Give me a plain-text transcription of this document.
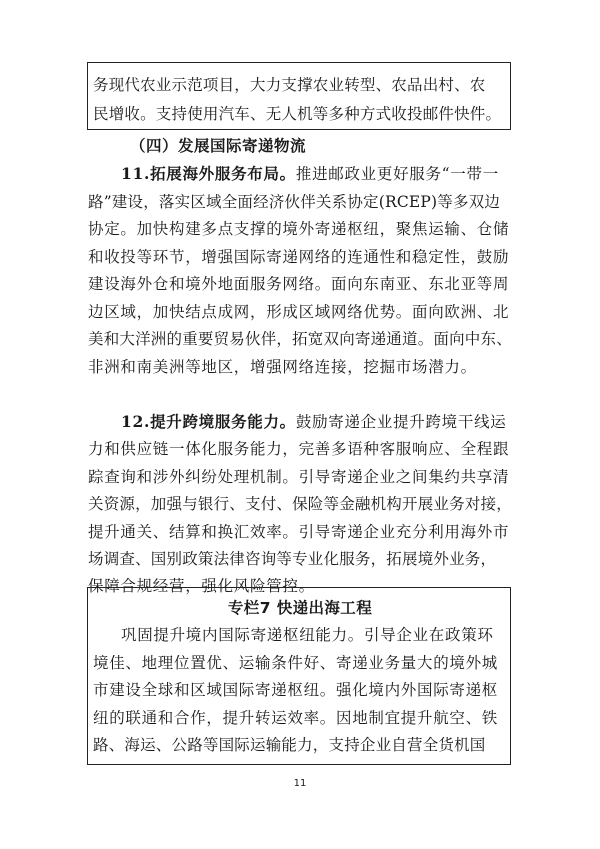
务现代农业示范项目，大力支撑农业转型、农品出村、农
民增收。支持使用汽车、无人机等多种方式收投邮件快件。
（四）发展国际寄递物流
11.拓展海外服务布局。推进邮政业更好服务“一带一
路”建设，落实区域全面经济伙伴关系协定(RCEP)等多双边
协定。加快构建多点支撑的境外寄递枢纽，聚焦运输、仓储
和收投等环节，增强国际寄递网络的连通性和稳定性，鼓励
建设海外仓和境外地面服务网络。面向东南亚、东北亚等周
边区域，加快结点成网，形成区域网络优势。面向欧洲、北
美和大洋洲的重要贸易伙伴，拓宽双向寄递通道。面向中东、
非洲和南美洲等地区，增强网络连接，挖掘市场潜力。
12.提升跨境服务能力。鼓励寄递企业提升跨境干线运
力和供应链一体化服务能力，完善多语种客服响应、全程跟
踪查询和涉外纠纷处理机制。引导寄递企业之间集约共享清
关资源，加强与银行、支付、保险等金融机构开展业务对接，
提升通关、结算和换汇效率。引导寄递企业充分利用海外市
场调查、国别政策法律咨询等专业化服务，拓展境外业务，
保障合规经营，强化风险管控。
专栏7 快递出海工程
巩固提升境内国际寄递枢纽能力。引导企业在政策环
境佳、地理位置优、运输条件好、寄递业务量大的境外城
市建设全球和区域国际寄递枢纽。强化境内外国际寄递枢
纽的联通和合作，提升转运效率。因地制宜提升航空、铁
路、海运、公路等国际运输能力，支持企业自营全货机国
11
